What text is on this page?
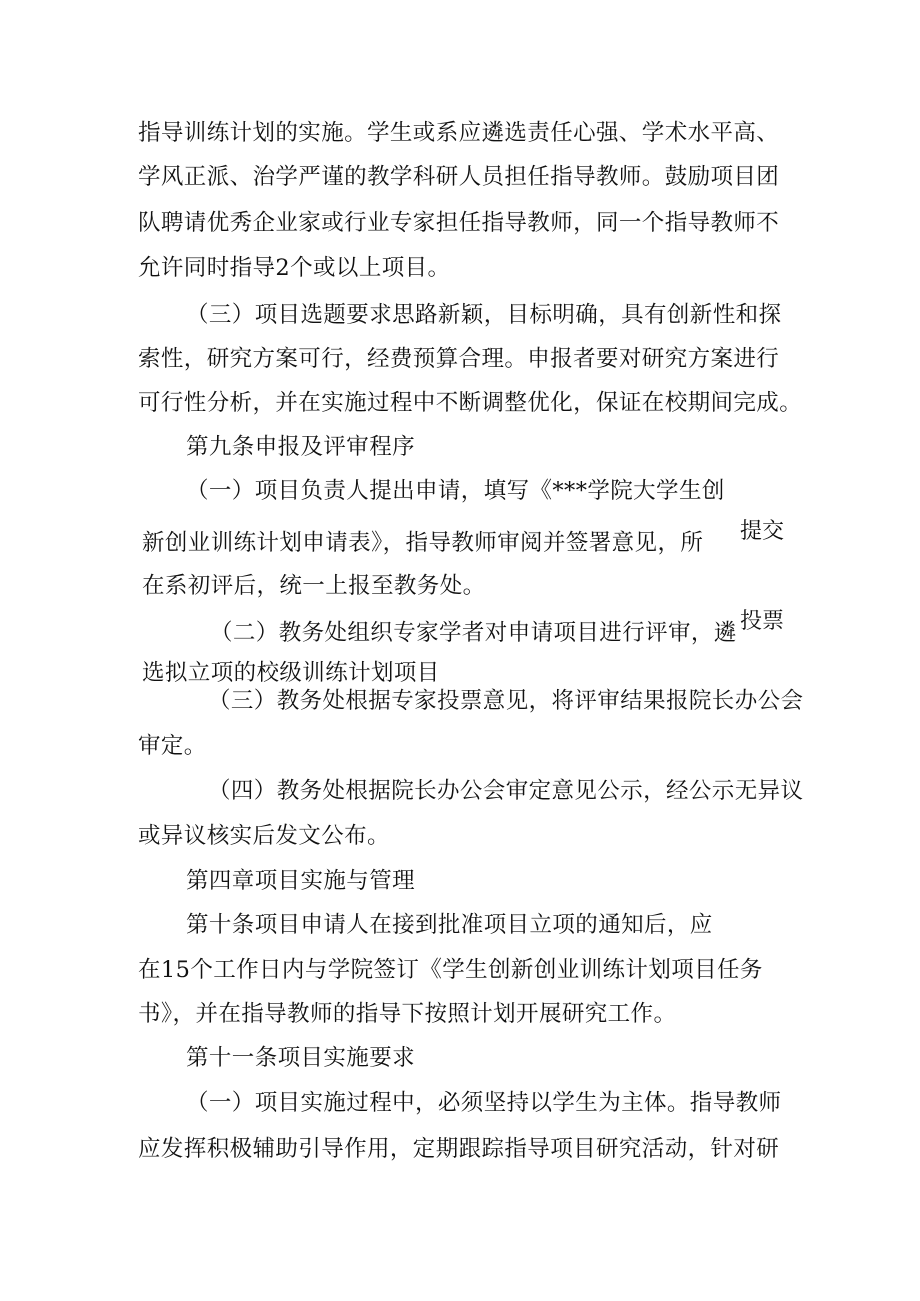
指导训练计划的实施。学生或系应遴选责任心强、学术水平高、
学风正派、治学严谨的教学科研人员担任指导教师。鼓励项目团
队聘请优秀企业家或行业专家担任指导教师，同一个指导教师不
允许同时指导2个或以上项目。
（三）项目选题要求思路新颖，目标明确，具有创新性和探
索性，研究方案可行，经费预算合理。申报者要对研究方案进行
可行性分析，并在实施过程中不断调整优化，保证在校期间完成。
第九条申报及评审程序
（一）项目负责人提出申请，填写《***学院大学生创
新创业训练计划申请表》，指导教师审阅并签署意见，所 提交
在系初评后，统一上报至教务处。
（二）教务处组织专家学者对申请项目进行评审，遴 投票
选拟立项的校级训练计划项目
（三）教务处根据专家投票意见，将评审结果报院长办公会
审定。
（四）教务处根据院长办公会审定意见公示，经公示无异议
或异议核实后发文公布。
第四章项目实施与管理
第十条项目申请人在接到批准项目立项的通知后，应
在15个工作日内与学院签订《学生创新创业训练计划项目任务
书》，并在指导教师的指导下按照计划开展研究工作。
第十一条项目实施要求
（一）项目实施过程中，必须坚持以学生为主体。指导教师
应发挥积极辅助引导作用，定期跟踪指导项目研究活动，针对研
